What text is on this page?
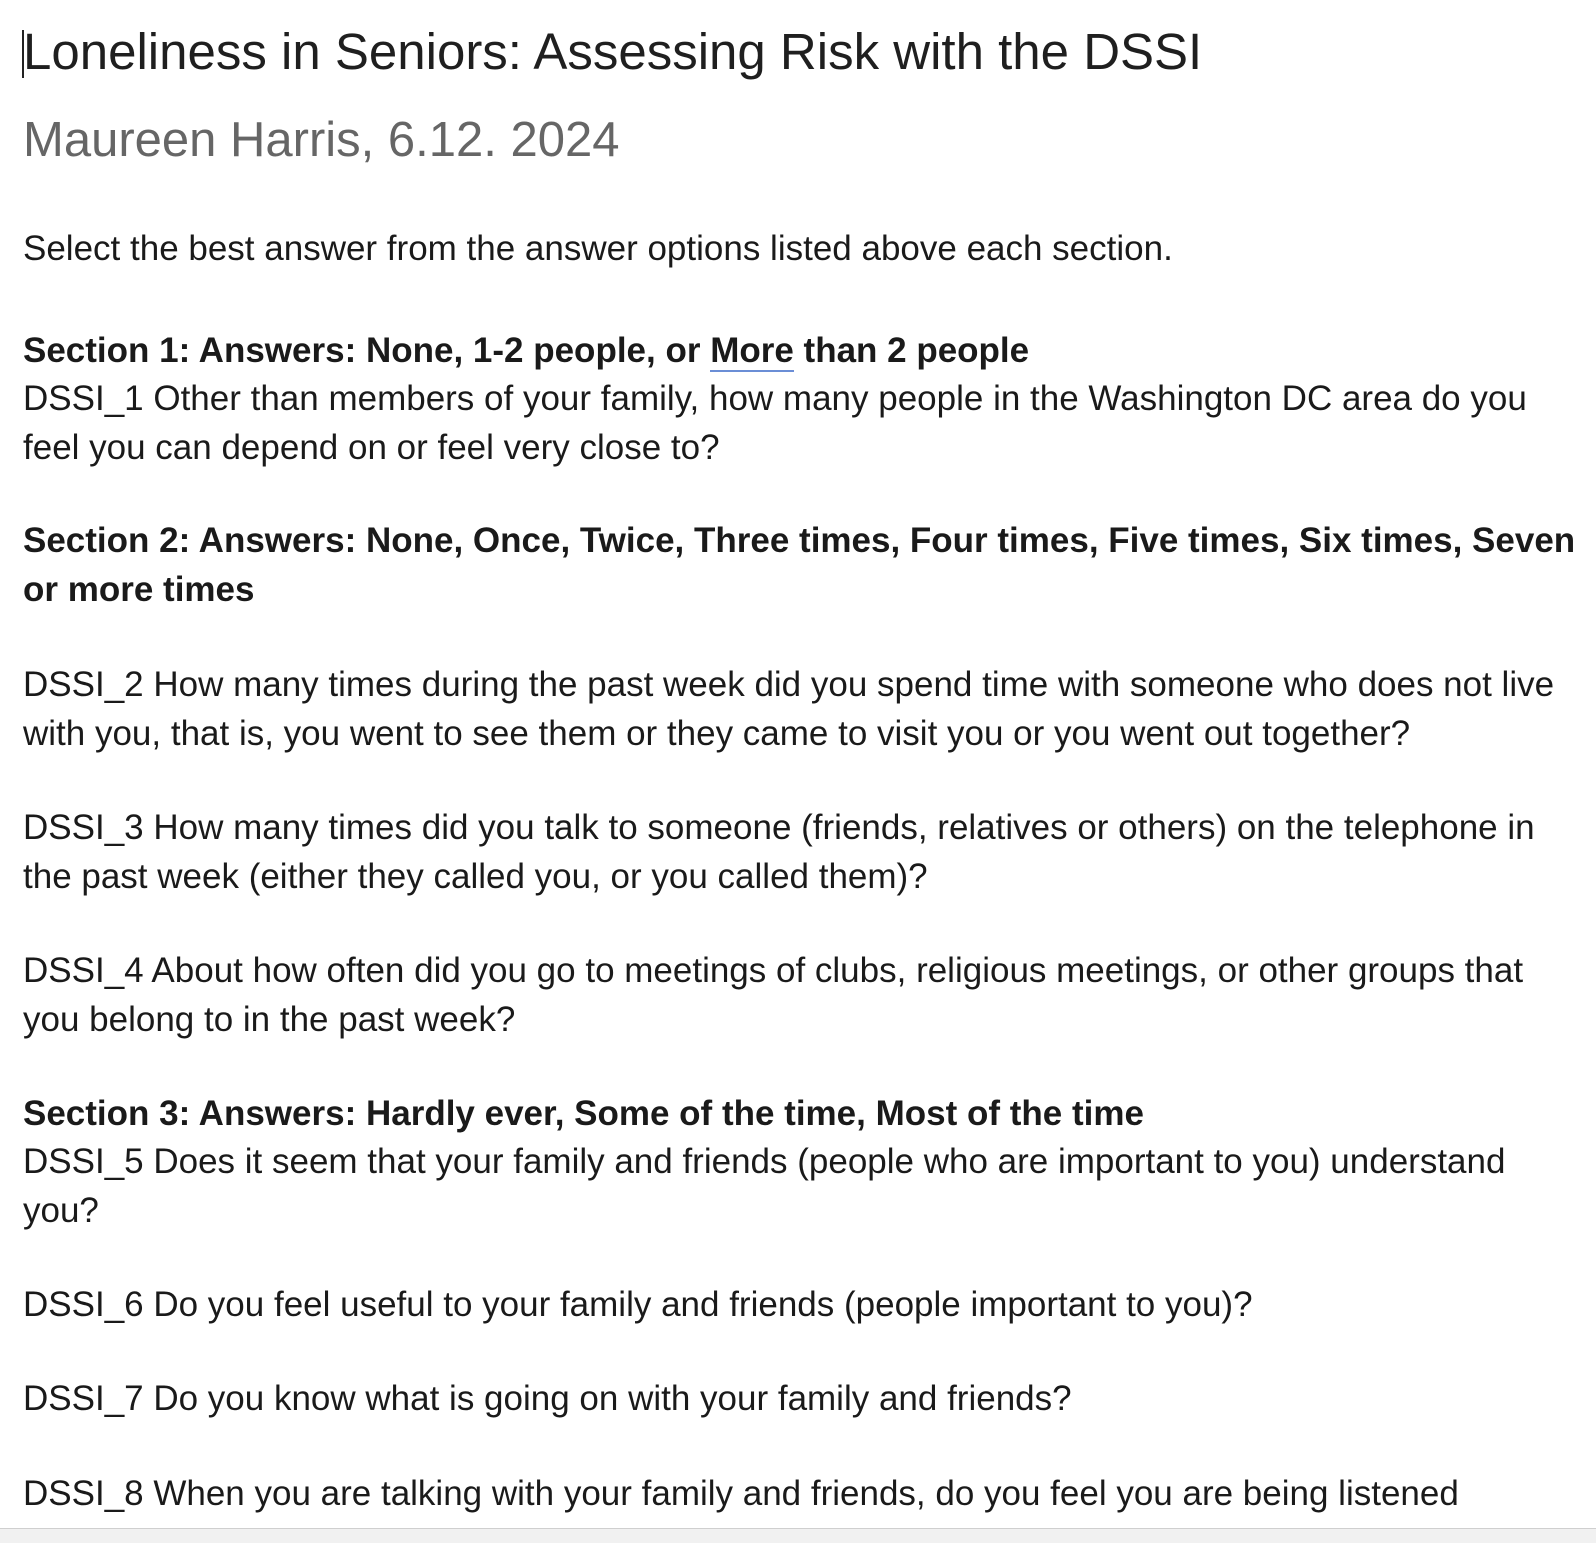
Loneliness in Seniors: Assessing Risk with the DSSI
Maureen Harris, 6.12. 2024

Select the best answer from the answer options listed above each section.

Section 1: Answers: None, 1-2 people, or More than 2 people

DSSI_1 Other than members of your family, how many people in the Washington DC area do you feel you can depend on or feel very close to?

Section 2: Answers: None, Once, Twice, Three times, Four times, Five times, Six times, Seven or more times

DSSI_2 How many times during the past week did you spend time with someone who does not live with you, that is, you went to see them or they came to visit you or you went out together?

DSSI_3 How many times did you talk to someone (friends, relatives or others) on the telephone in the past week (either they called you, or you called them)?

DSSI_4 About how often did you go to meetings of clubs, religious meetings, or other groups that you belong to in the past week?

Section 3: Answers: Hardly ever, Some of the time, Most of the time

DSSI_5 Does it seem that your family and friends (people who are important to you) understand you?

DSSI_6 Do you feel useful to your family and friends (people important to you)?

DSSI_7 Do you know what is going on with your family and friends?

DSSI_8 When you are talking with your family and friends, do you feel you are being listened
